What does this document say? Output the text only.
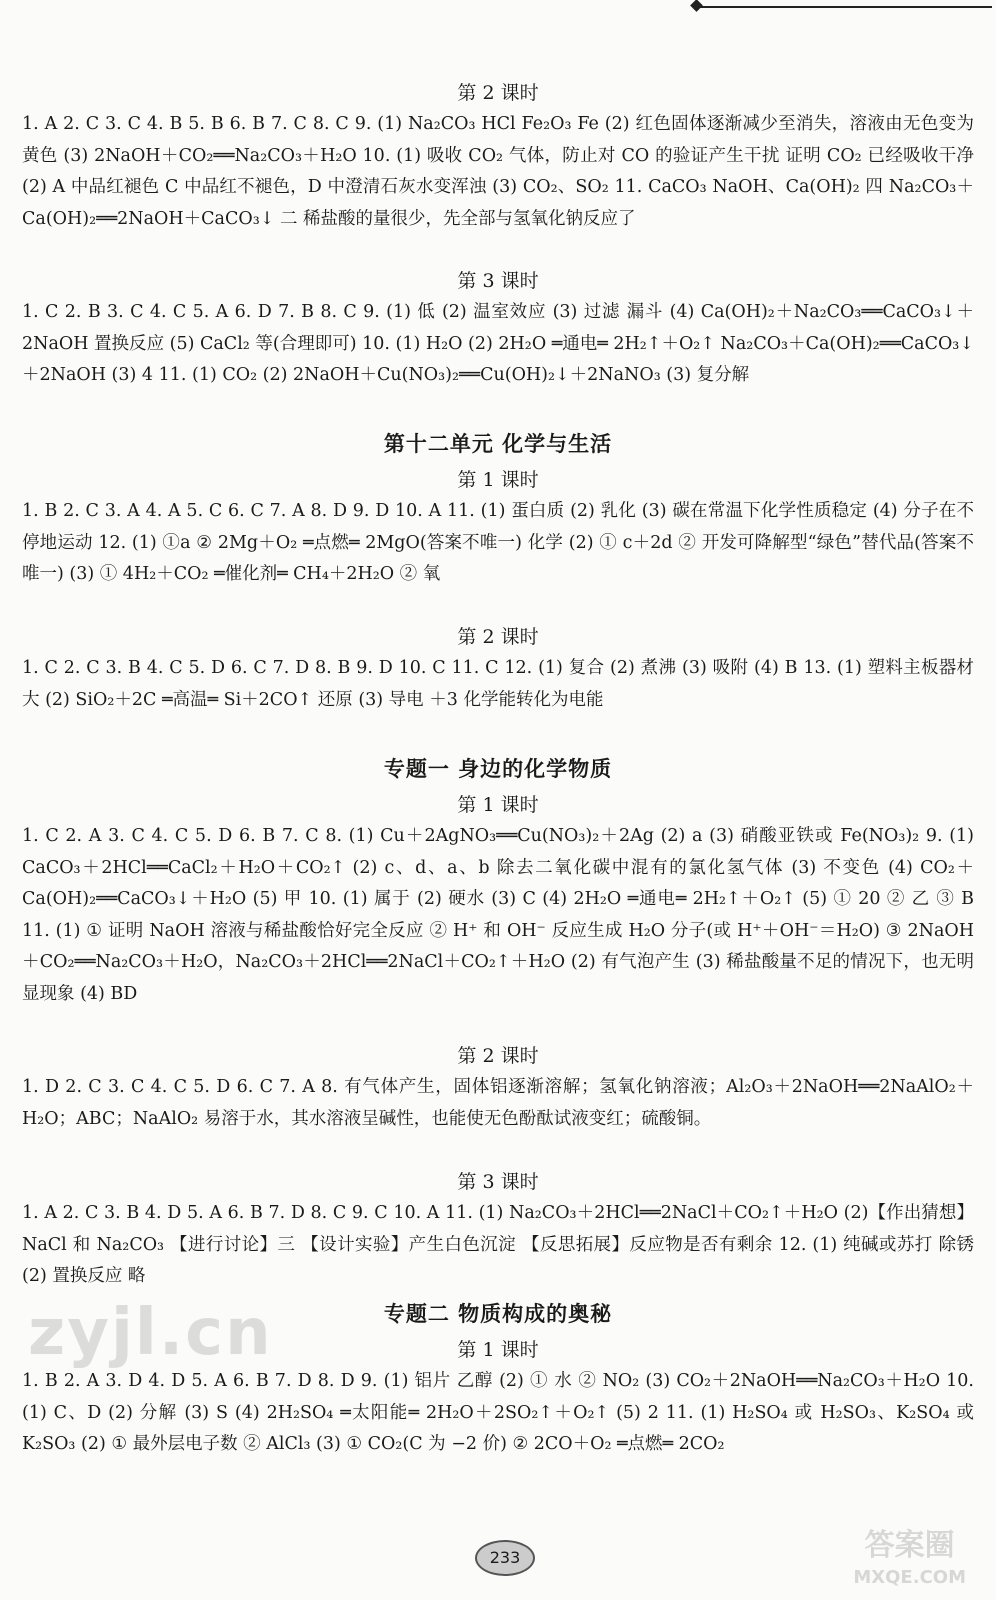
第 2 课时
1. A 2. C 3. C 4. B 5. B 6. B 7. C 8. C 9. (1) Na₂CO₃ HCl Fe₂O₃ Fe (2) 红色固体逐渐减少至消失，溶液由无色变为黄色 (3) 2NaOH＋CO₂══Na₂CO₃＋H₂O 10. (1) 吸收 CO₂ 气体，防止对 CO 的验证产生干扰 证明 CO₂ 已经吸收干净 (2) A 中品红褪色 C 中品红不褪色，D 中澄清石灰水变浑浊 (3) CO₂、SO₂ 11. CaCO₃ NaOH、Ca(OH)₂ 四 Na₂CO₃＋Ca(OH)₂══2NaOH＋CaCO₃↓ 二 稀盐酸的量很少，先全部与氢氧化钠反应了
第 3 课时
1. C 2. B 3. C 4. C 5. A 6. D 7. B 8. C 9. (1) 低 (2) 温室效应 (3) 过滤 漏斗 (4) Ca(OH)₂＋Na₂CO₃══CaCO₃↓＋2NaOH 置换反应 (5) CaCl₂ 等(合理即可) 10. (1) H₂O (2) 2H₂O ═通电═ 2H₂↑＋O₂↑ Na₂CO₃＋Ca(OH)₂══CaCO₃↓＋2NaOH (3) 4 11. (1) CO₂ (2) 2NaOH＋Cu(NO₃)₂══Cu(OH)₂↓＋2NaNO₃ (3) 复分解
第十二单元 化学与生活
第 1 课时
1. B 2. C 3. A 4. A 5. C 6. C 7. A 8. D 9. D 10. A 11. (1) 蛋白质 (2) 乳化 (3) 碳在常温下化学性质稳定 (4) 分子在不停地运动 12. (1) ①a ② 2Mg＋O₂ ═点燃═ 2MgO(答案不唯一) 化学 (2) ① c＋2d ② 开发可降解型“绿色”替代品(答案不唯一) (3) ① 4H₂＋CO₂ ═催化剂═ CH₄＋2H₂O ② 氧
第 2 课时
1. C 2. C 3. B 4. C 5. D 6. C 7. D 8. B 9. D 10. C 11. C 12. (1) 复合 (2) 煮沸 (3) 吸附 (4) B 13. (1) 塑料主板器材 大 (2) SiO₂＋2C ═高温═ Si＋2CO↑ 还原 (3) 导电 ＋3 化学能转化为电能
专题一 身边的化学物质
第 1 课时
1. C 2. A 3. C 4. C 5. D 6. B 7. C 8. (1) Cu＋2AgNO₃══Cu(NO₃)₂＋2Ag (2) a (3) 硝酸亚铁或 Fe(NO₃)₂ 9. (1) CaCO₃＋2HCl══CaCl₂＋H₂O＋CO₂↑ (2) c、d、a、b 除去二氧化碳中混有的氯化氢气体 (3) 不变色 (4) CO₂＋Ca(OH)₂══CaCO₃↓＋H₂O (5) 甲 10. (1) 属于 (2) 硬水 (3) C (4) 2H₂O ═通电═ 2H₂↑＋O₂↑ (5) ① 20 ② 乙 ③ B 11. (1) ① 证明 NaOH 溶液与稀盐酸恰好完全反应 ② H⁺ 和 OH⁻ 反应生成 H₂O 分子(或 H⁺＋OH⁻＝H₂O) ③ 2NaOH＋CO₂══Na₂CO₃＋H₂O，Na₂CO₃＋2HCl══2NaCl＋CO₂↑＋H₂O (2) 有气泡产生 (3) 稀盐酸量不足的情况下，也无明显现象 (4) BD
第 2 课时
1. D 2. C 3. C 4. C 5. D 6. C 7. A 8. 有气体产生，固体铝逐渐溶解；氢氧化钠溶液；Al₂O₃＋2NaOH══2NaAlO₂＋H₂O；ABC；NaAlO₂ 易溶于水，其水溶液呈碱性，也能使无色酚酞试液变红；硫酸铜。
第 3 课时
1. A 2. C 3. B 4. D 5. A 6. B 7. D 8. C 9. C 10. A 11. (1) Na₂CO₃＋2HCl══2NaCl＋CO₂↑＋H₂O (2)【作出猜想】NaCl 和 Na₂CO₃ 【进行讨论】三 【设计实验】产生白色沉淀 【反思拓展】反应物是否有剩余 12. (1) 纯碱或苏打 除锈 (2) 置换反应 略
专题二 物质构成的奥秘
第 1 课时
1. B 2. A 3. D 4. D 5. A 6. B 7. D 8. D 9. (1) 铝片 乙醇 (2) ① 水 ② NO₂ (3) CO₂＋2NaOH══Na₂CO₃＋H₂O 10. (1) C、D (2) 分解 (3) S (4) 2H₂SO₄ ═太阳能═ 2H₂O＋2SO₂↑＋O₂↑ (5) 2 11. (1) H₂SO₄ 或 H₂SO₃、K₂SO₄ 或 K₂SO₃ (2) ① 最外层电子数 ② AlCl₃ (3) ① CO₂(C 为 −2 价) ② 2CO＋O₂ ═点燃═ 2CO₂
zyjl.cn
答案圈
MXQE.COM
233
